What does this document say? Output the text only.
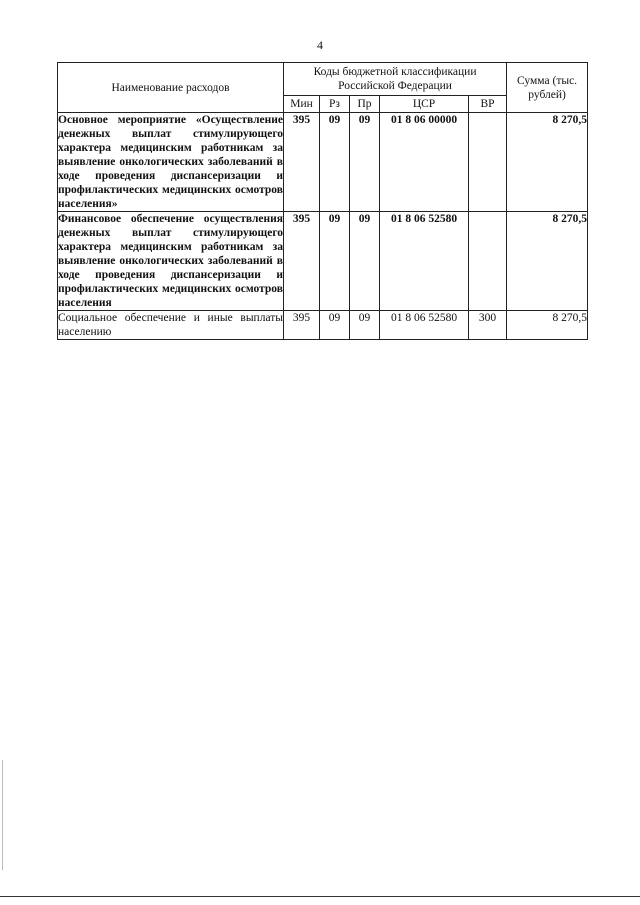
4
Наименование расходов	Коды бюджетной классификации Российской Федерации					Сумма (тыс. рублей)
	Мин	Рз	Пр	ЦСР	ВР	
Основное мероприятие «Осуществление денежных выплат стимулирующего характера медицинским работникам за выявление онкологических заболеваний в ходе проведения диспансеризации и профилактических медицинских осмотров населения»	395	09	09	01 8 06 00000		8 270,5
Финансовое обеспечение осуществления денежных выплат стимулирующего характера медицинским работникам за выявление онкологических заболеваний в ходе проведения диспансеризации и профилактических медицинских осмотров населения	395	09	09	01 8 06 52580		8 270,5
Социальное обеспечение и иные выплаты населению	395	09	09	01 8 06 52580	300	8 270,5
